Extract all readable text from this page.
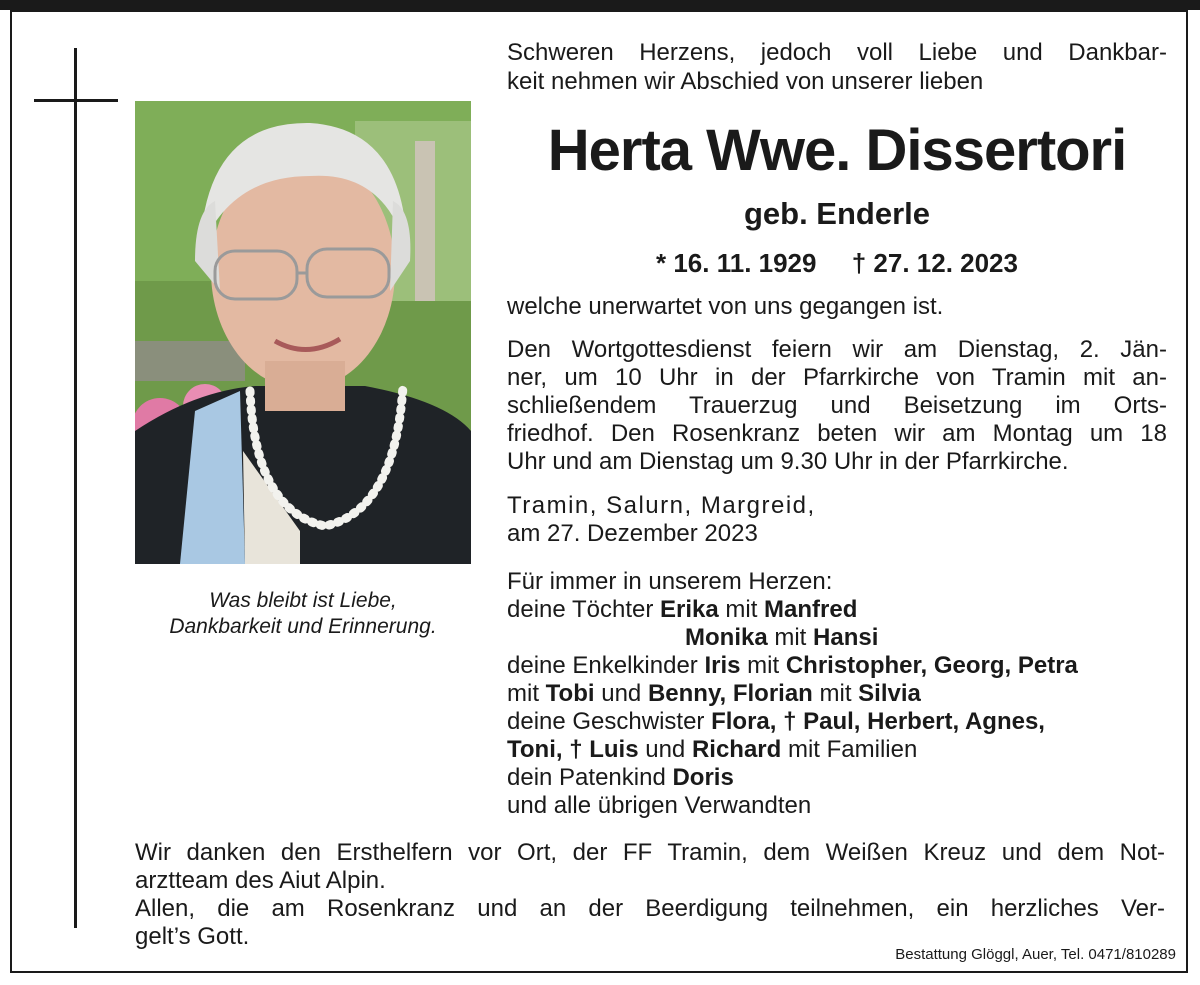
Was bleibt ist Liebe,
Dankbarkeit und Erinnerung.
Schweren Herzens, jedoch voll Liebe und Dankbar-
keit nehmen wir Abschied von unserer lieben
Herta Wwe. Dissertori
geb. Enderle
* 16. 11. 1929 † 27. 12. 2023
welche unerwartet von uns gegangen ist.
Den Wortgottesdienst feiern wir am Dienstag, 2. Jän-
ner, um 10 Uhr in der Pfarrkirche von Tramin mit an-
schließendem Trauerzug und Beisetzung im Orts-
friedhof. Den Rosenkranz beten wir am Montag um 18
Uhr und am Dienstag um 9.30 Uhr in der Pfarrkirche.
Tramin, Salurn, Margreid,
am 27. Dezember 2023
Für immer in unserem Herzen:
deine Töchter Erika mit Manfred
Monika mit Hansi
deine Enkelkinder Iris mit Christopher, Georg, Petra
mit Tobi und Benny, Florian mit Silvia
deine Geschwister Flora, † Paul, Herbert, Agnes,
Toni, † Luis und Richard mit Familien
dein Patenkind Doris
und alle übrigen Verwandten
Wir danken den Ersthelfern vor Ort, der FF Tramin, dem Weißen Kreuz und dem Not-
arztteam des Aiut Alpin.
Allen, die am Rosenkranz und an der Beerdigung teilnehmen, ein herzliches Ver-
gelt’s Gott.
Bestattung Glöggl, Auer, Tel. 0471/810289
